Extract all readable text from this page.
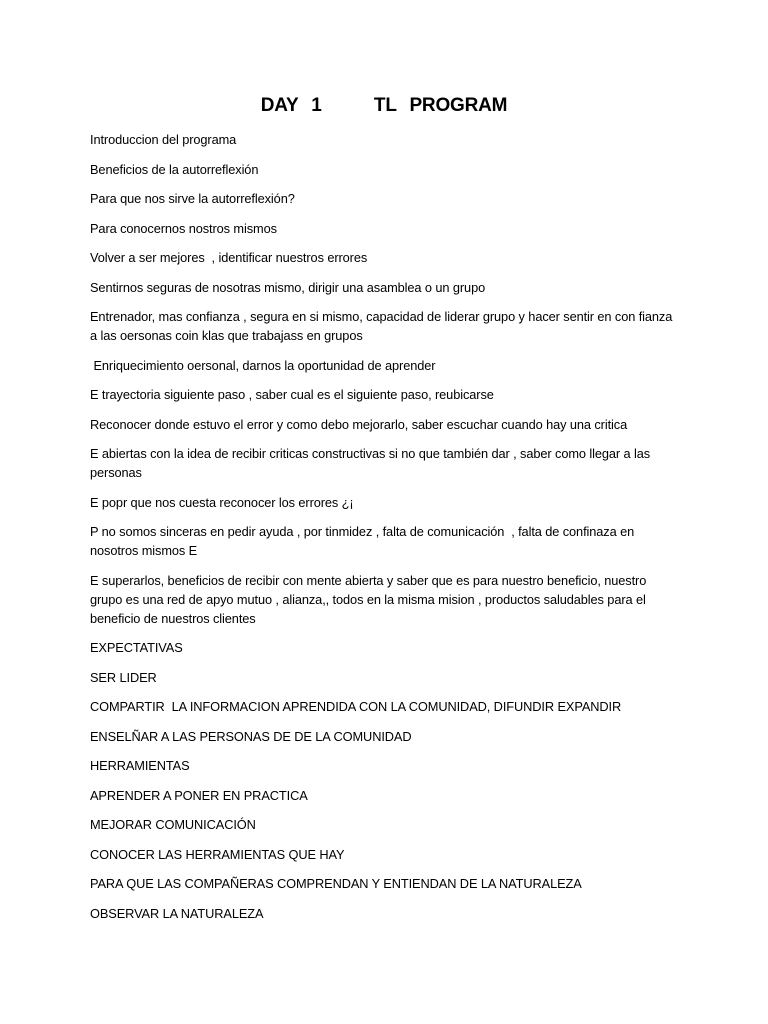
DAY 1    TL PROGRAM

Introduccion del programa

Beneficios de la autorreflexión

Para que nos sirve la autorreflexión?

Para conocernos nostros mismos

Volver a ser mejores  , identificar nuestros errores

Sentirnos seguras de nosotras mismo, dirigir una asamblea o un grupo

Entrenador, mas confianza , segura en si mismo, capacidad de liderar grupo y hacer sentir en con fianza a las oersonas coin klas que trabajass en grupos

Enriquecimiento oersonal, darnos la oportunidad de aprender

E trayectoria siguiente paso , saber cual es el siguiente paso, reubicarse

Reconocer donde estuvo el error y como debo mejorarlo, saber escuchar cuando hay una critica

E abiertas con la idea de recibir criticas constructivas si no que también dar , saber como llegar a las personas

E popr que nos cuesta reconocer los errores ¿¡

P no somos sinceras en pedir ayuda , por tinmidez , falta de comunicación  , falta de confinaza en nosotros mismos E

E superarlos, beneficios de recibir con mente abierta y saber que es para nuestro beneficio, nuestro grupo es una red de apyo mutuo , alianza,, todos en la misma mision , productos saludables para el beneficio de nuestros clientes

EXPECTATIVAS

SER LIDER

COMPARTIR  LA INFORMACION APRENDIDA CON LA COMUNIDAD, DIFUNDIR EXPANDIR

ENSELÑAR A LAS PERSONAS DE DE LA COMUNIDAD

HERRAMIENTAS

APRENDER A PONER EN PRACTICA

MEJORAR COMUNICACIÓN

CONOCER LAS HERRAMIENTAS QUE HAY

PARA QUE LAS COMPAÑERAS COMPRENDAN Y ENTIENDAN DE LA NATURALEZA

OBSERVAR LA NATURALEZA
